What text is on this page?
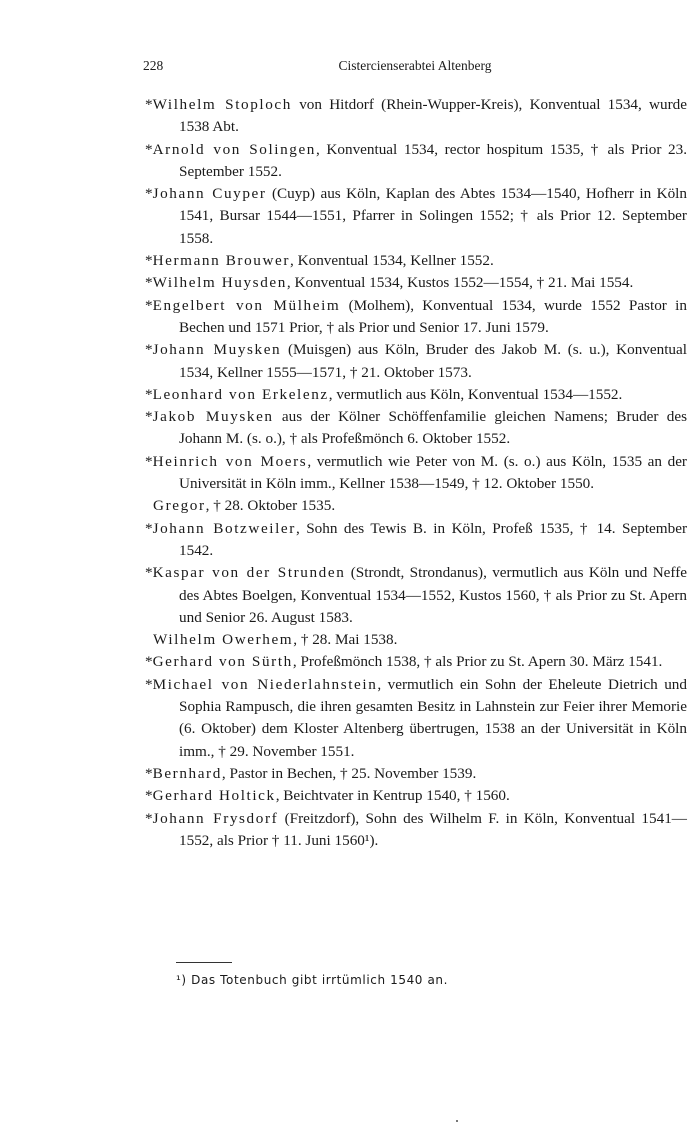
228	Cistercienserabtei Altenberg

*Wilhelm Stoploch von Hitdorf (Rhein-Wupper-Kreis), Konventual 1534, wurde 1538 Abt.

*Arnold von Solingen, Konventual 1534, rector hospitum 1535, † als Prior 23. September 1552.

*Johann Cuyper (Cuyp) aus Köln, Kaplan des Abtes 1534—1540, Hofherr in Köln 1541, Bursar 1544—1551, Pfarrer in Solingen 1552; † als Prior 12. September 1558.

*Hermann Brouwer, Konventual 1534, Kellner 1552.

*Wilhelm Huysden, Konventual 1534, Kustos 1552—1554, † 21. Mai 1554.

*Engelbert von Mülheim (Molhem), Konventual 1534, wurde 1552 Pastor in Bechen und 1571 Prior, † als Prior und Senior 17. Juni 1579.

*Johann Muysken (Muisgen) aus Köln, Bruder des Jakob M. (s. u.), Konventual 1534, Kellner 1555—1571, † 21. Oktober 1573.

*Leonhard von Erkelenz, vermutlich aus Köln, Konventual 1534—1552.

*Jakob Muysken aus der Kölner Schöffenfamilie gleichen Namens; Bruder des Johann M. (s. o.), † als Profeßmönch 6. Oktober 1552.

*Heinrich von Moers, vermutlich wie Peter von M. (s. o.) aus Köln, 1535 an der Universität in Köln imm., Kellner 1538—1549, † 12. Oktober 1550.

Gregor, † 28. Oktober 1535.

*Johann Botzweiler, Sohn des Tewis B. in Köln, Profeß 1535, † 14. September 1542.

*Kaspar von der Strunden (Strondt, Strondanus), vermutlich aus Köln und Neffe des Abtes Boelgen, Konventual 1534—1552, Kustos 1560, † als Prior zu St. Apern und Senior 26. August 1583.

Wilhelm Owerhem, † 28. Mai 1538.

*Gerhard von Sürth, Profeßmönch 1538, † als Prior zu St. Apern 30. März 1541.

*Michael von Niederlahnstein, vermutlich ein Sohn der Eheleute Dietrich und Sophia Rampusch, die ihren gesamten Besitz in Lahnstein zur Feier ihrer Memorie (6. Oktober) dem Kloster Altenberg übertrugen, 1538 an der Universität in Köln imm., † 29. November 1551.

*Bernhard, Pastor in Bechen, † 25. November 1539.

*Gerhard Holtick, Beichtvater in Kentrup 1540, † 1560.

*Johann Frysdorf (Freitzdorf), Sohn des Wilhelm F. in Köln, Konventual 1541—1552, als Prior † 11. Juni 1560¹).

¹) Das Totenbuch gibt irrtümlich 1540 an.
